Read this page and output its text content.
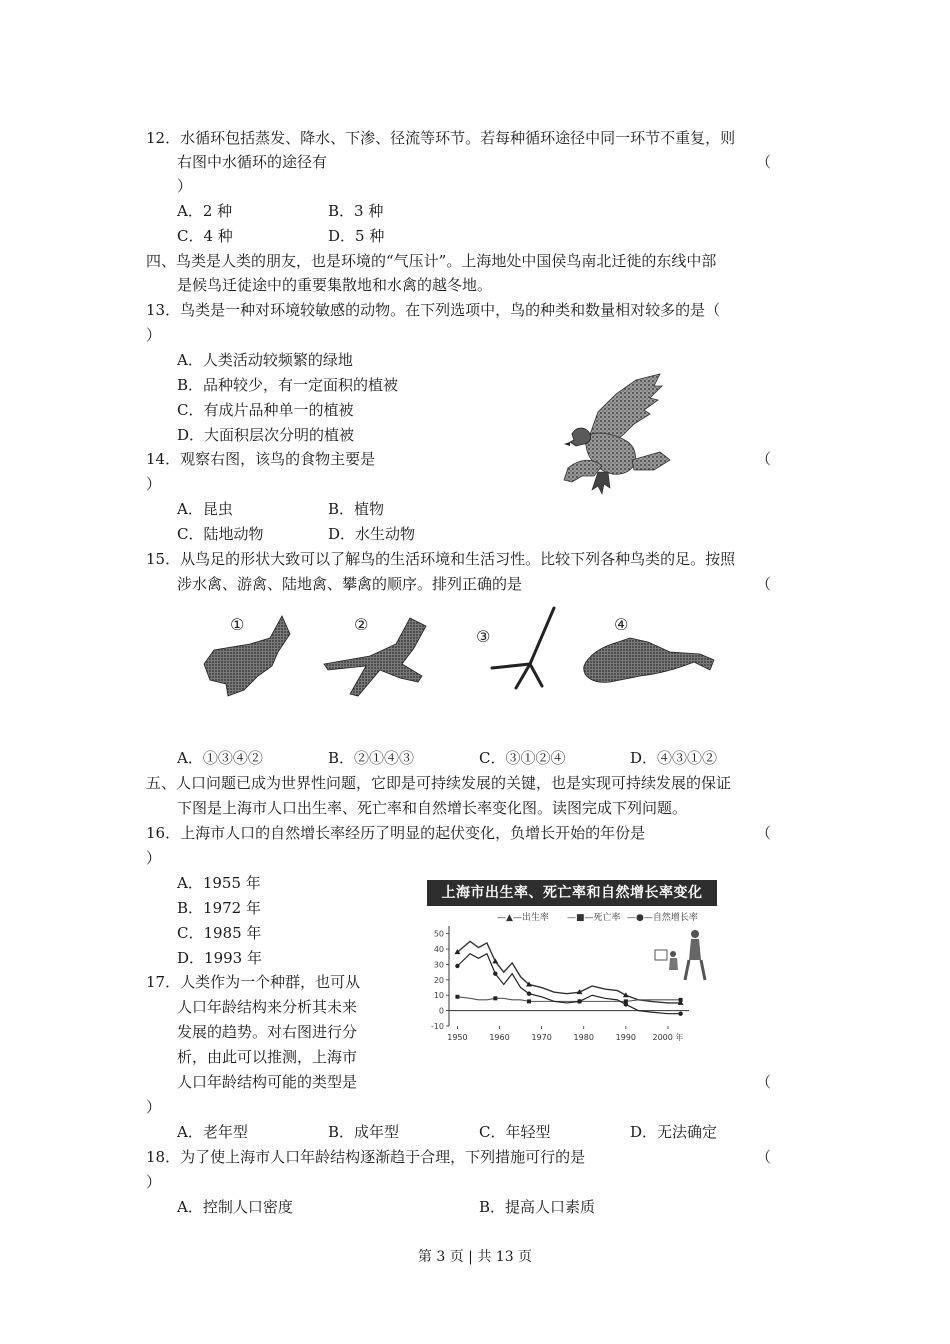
12．水循环包括蒸发、降水、下渗、径流等环节。若每种循环途径中同一环节不重复，则
右图中水循环的途径有	（
）
A．2 种	B．3 种
C．4 种	D．5 种
四、鸟类是人类的朋友，也是环境的“气压计”。上海地处中国侯鸟南北迁徙的东线中部
是候鸟迁徒途中的重要集散地和水禽的越冬地。
13．鸟类是一种对环境较敏感的动物。在下列选项中，鸟的种类和数量相对较多的是（
）
A．人类活动较频繁的绿地
B．品种较少，有一定面积的植被
C．有成片品种单一的植被
D．大面积层次分明的植被
14．观察右图，该鸟的食物主要是	（
）
A．昆虫	B．植物
C．陆地动物	D．水生动物
15．从鸟足的形状大致可以了解鸟的生活环境和生活习性。比较下列各种鸟类的足。按照
涉水禽、游禽、陆地禽、攀禽的顺序。排列正确的是	（
①	②
③
④
A．①③④②	B．②①④③	C．③①②④	D．④③①②
五、人口问题已成为世界性问题，它即是可持续发展的关键，也是实现可持续发展的保证
下图是上海市人口出生率、死亡率和自然增长率变化图。读图完成下列问题。
16．上海市人口的自然增长率经历了明显的起伏变化，负增长开始的年份是	（
）
A．1955 年
B．1972 年
C．1985 年
D．1993 年
上海市出生率、死亡率和自然增长率变化
—▲—出生率 —■—死亡率 —●—自然增长率
50
40
30
20
10
0
-10
1950	1960	1970	1980	1990 2000 年
17．人类作为一个种群，也可从
人口年龄结构来分析其未来
发展的趋势。对右图进行分
析，由此可以推测，上海市
人口年龄结构可能的类型是	（
）
A．老年型	B．成年型	C．年轻型	D．无法确定
18．为了使上海市人口年龄结构逐渐趋于合理，下列措施可行的是	（
）
A．控制人口密度	B．提高人口素质
第 3 页 | 共 13 页
